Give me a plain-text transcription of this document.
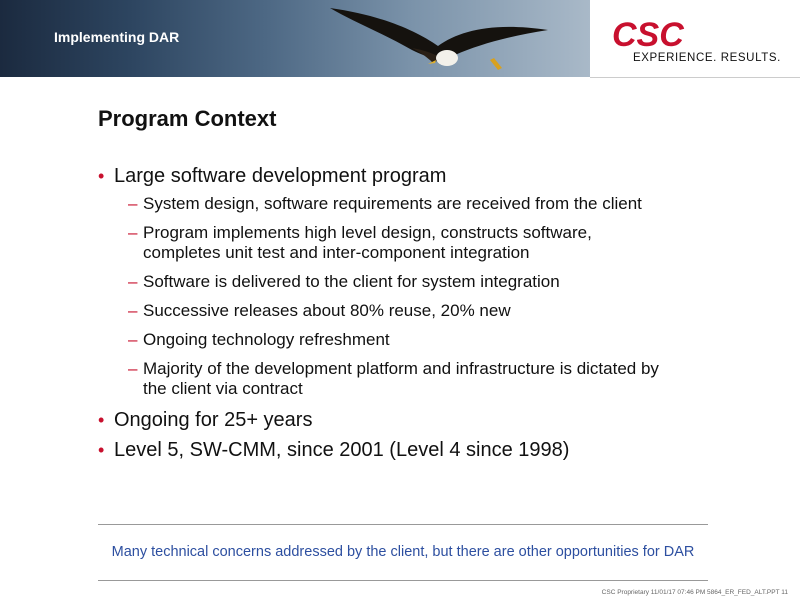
Implementing DAR	CSC
EXPERIENCE. RESULTS.
Program Context
• Large software development program
– System design, software requirements are received from the client
– Program implements high level design, constructs software, completes unit test and inter-component integration
– Software is delivered to the client for system integration
– Successive releases about 80% reuse, 20% new
– Ongoing technology refreshment
– Majority of the development platform and infrastructure is dictated by the client via contract
• Ongoing for 25+ years
• Level 5, SW-CMM, since 2001 (Level 4 since 1998)
Many technical concerns addressed by the client, but there are other opportunities for DAR
CSC Proprietary 11/01/17 07:46 PM 5864_ER_FED_ALT.PPT 11
